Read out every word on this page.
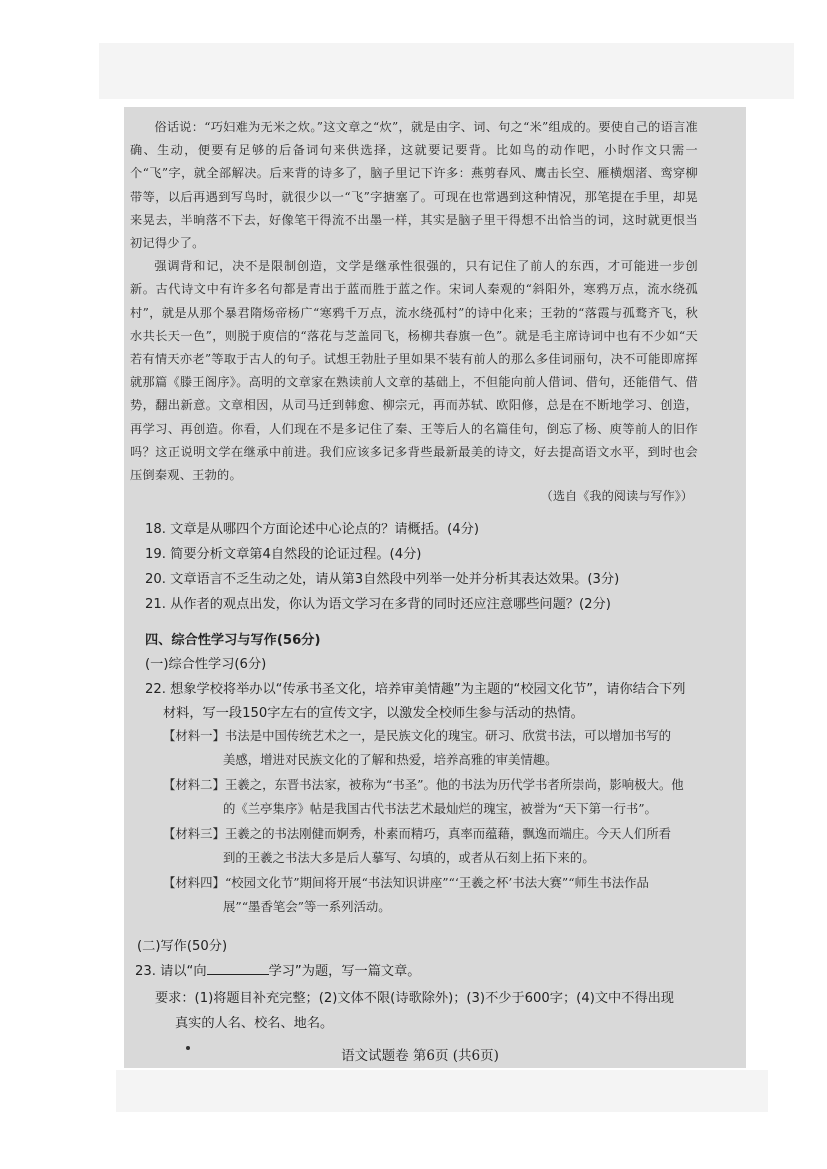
俗话说：“巧妇难为无米之炊。”这文章之“炊”，就是由字、词、句之“米”组成的。要使自己的语言准确、生动，便要有足够的后备词句来供选择，这就要记要背。比如鸟的动作吧，小时作文只需一个“飞”字，就全部解决。后来背的诗多了，脑子里记下许多：燕剪春风、鹰击长空、雁横烟渚、鸾穿柳带等，以后再遇到写鸟时，就很少以一“飞”字搪塞了。可现在也常遇到这种情况，那笔提在手里，却晃来晃去，半晌落不下去，好像笔干得流不出墨一样，其实是脑子里干得想不出恰当的词，这时就更恨当初记得少了。

强调背和记，决不是限制创造，文学是继承性很强的，只有记住了前人的东西，才可能进一步创新。古代诗文中有许多名句都是青出于蓝而胜于蓝之作。宋词人秦观的“斜阳外，寒鸦万点，流水绕孤村”，就是从那个暴君隋炀帝杨广“寒鸦千万点，流水绕孤村”的诗中化来；王勃的“落霞与孤鹜齐飞，秋水共长天一色”，则脱于庾信的“落花与芝盖同飞，杨柳共春旗一色”。就是毛主席诗词中也有不少如“天若有情天亦老”等取于古人的句子。试想王勃肚子里如果不装有前人的那么多佳词丽句，决不可能即席挥就那篇《滕王阁序》。高明的文章家在熟读前人文章的基础上，不但能向前人借词、借句，还能借气、借势，翻出新意。文章相因，从司马迁到韩愈、柳宗元，再而苏轼、欧阳修，总是在不断地学习、创造，再学习、再创造。你看，人们现在不是多记住了秦、王等后人的名篇佳句，倒忘了杨、庾等前人的旧作吗？这正说明文学在继承中前进。我们应该多记多背些最新最美的诗文，好去提高语文水平，到时也会压倒秦观、王勃的。

（选自《我的阅读与写作》）
18. 文章是从哪四个方面论述中心论点的？请概括。(4分)
19. 简要分析文章第4自然段的论证过程。(4分)
20. 文章语言不乏生动之处，请从第3自然段中列举一处并分析其表达效果。(3分)
21. 从作者的观点出发，你认为语文学习在多背的同时还应注意哪些问题？(2分)
四、综合性学习与写作(56分)
(一)综合性学习(6分)
22. 想象学校将举办以“传承书圣文化，培养审美情趣”为主题的“校园文化节”，请你结合下列
材料，写一段150字左右的宣传文字，以激发全校师生参与活动的热情。
【材料一】书法是中国传统艺术之一，是民族文化的瑰宝。研习、欣赏书法，可以增加书写的
美感，增进对民族文化的了解和热爱，培养高雅的审美情趣。
【材料二】王羲之，东晋书法家，被称为“书圣”。他的书法为历代学书者所崇尚，影响极大。他
的《兰亭集序》帖是我国古代书法艺术最灿烂的瑰宝，被誉为“天下第一行书”。
【材料三】王羲之的书法刚健而婀秀，朴素而精巧，真率而蕴藉，飘逸而端庄。今天人们所看
到的王羲之书法大多是后人摹写、勾填的，或者从石刻上拓下来的。
【材料四】“校园文化节”期间将开展“书法知识讲座”“‘王羲之杯’书法大赛”“师生书法作品
展”“墨香笔会”等一系列活动。
(二)写作(50分)
23. 请以“向	学习”为题，写一篇文章。
要求：(1)将题目补充完整；(2)文体不限(诗歌除外)；(3)不少于600字；(4)文中不得出现
真实的人名、校名、地名。
语文试题卷 第6页 (共6页)
